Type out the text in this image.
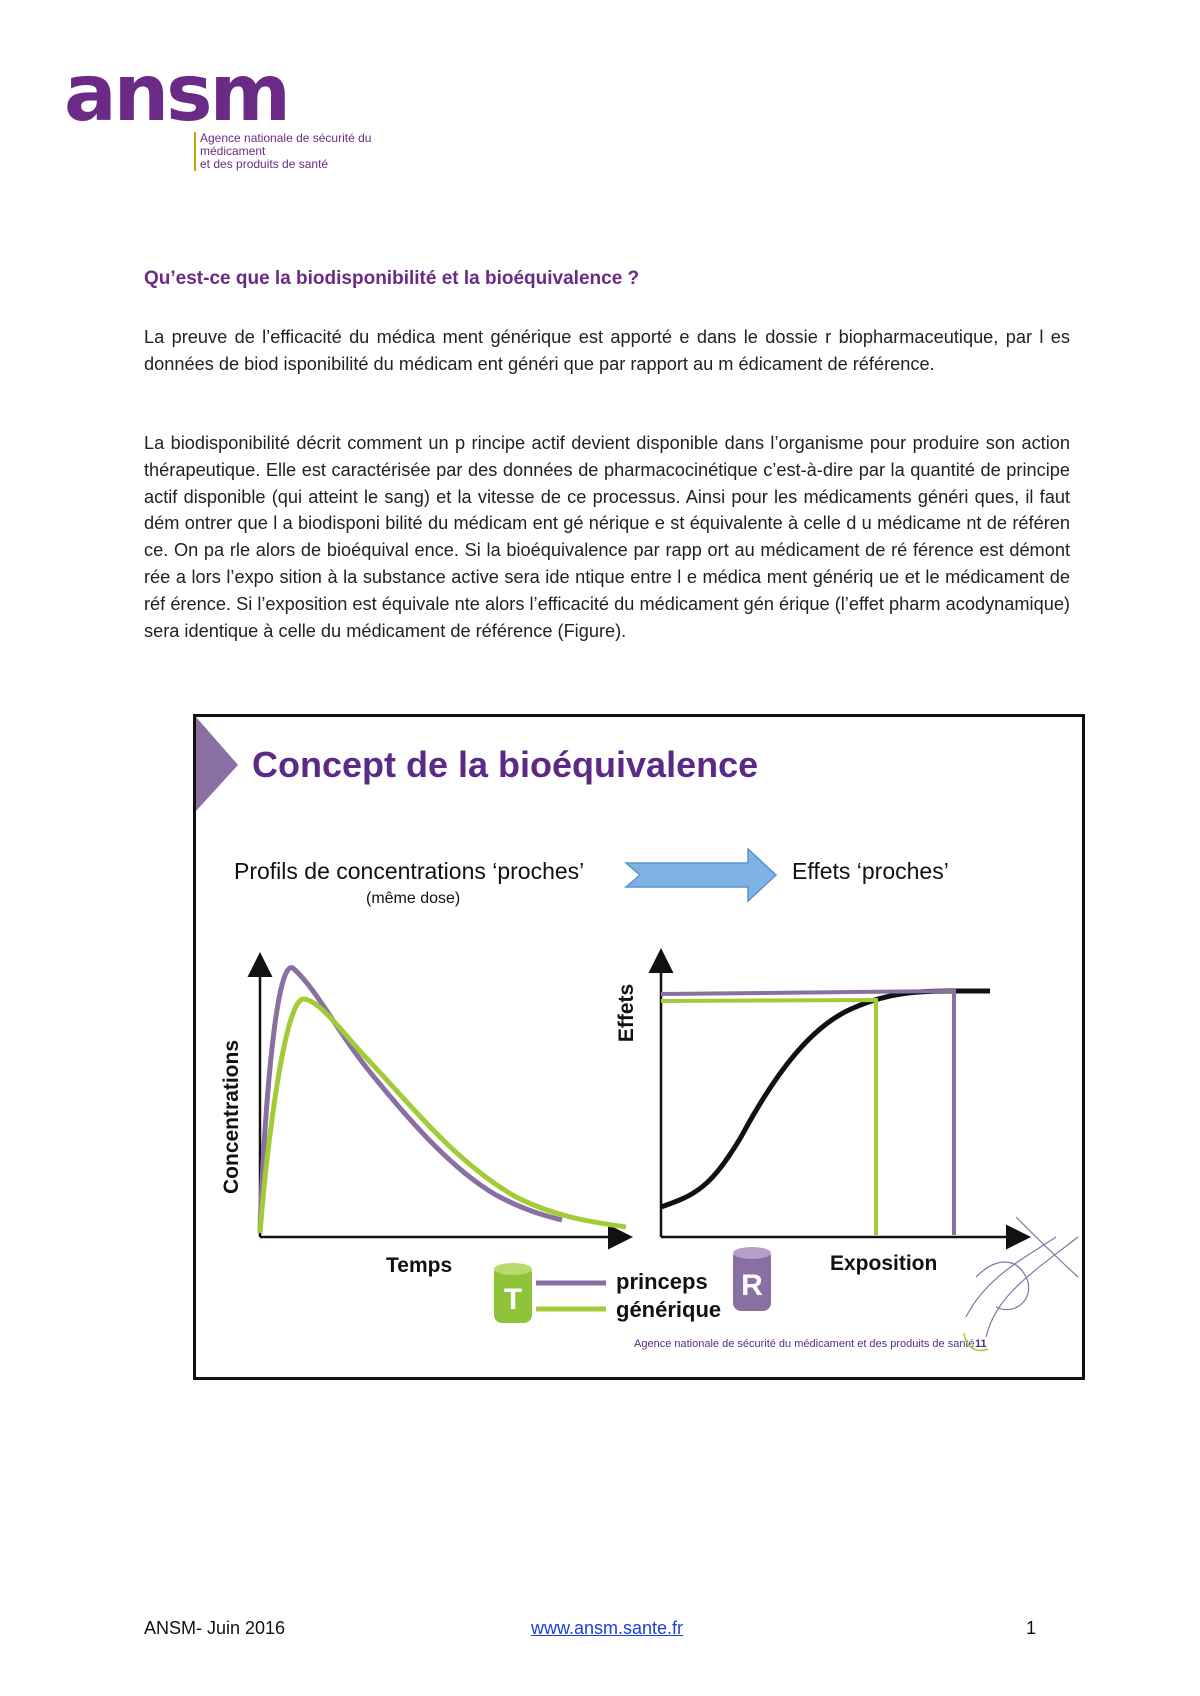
ansm
Agence nationale de sécurité du médicament
et des produits de santé
Qu’est-ce que la biodisponibilité et la bioéquivalence ?

La preuve de l’efficacité du médica ment générique est apporté e dans le dossie r biopharmaceutique, par l es données de biod isponibilité du médicam ent généri que par rapport au m édicament de référence.

La biodisponibilité décrit comment un p rincipe actif devient disponible dans l’organisme pour produire son action thérapeutique. Elle est caractérisée par des données de pharmacocinétique c’est-à-dire par la quantité de principe actif disponible (qui atteint le sang) et la vitesse de ce processus. Ainsi pour les médicaments généri ques, il faut dém ontrer que l a biodisponi bilité du médicam ent gé nérique e st équivalente à celle d u médicame nt de référen ce. On pa rle alors de bioéquival ence. Si la bioéquivalence par rapp ort au médicament de ré férence est démont rée a lors l’expo sition à la substance active sera ide ntique entre l e médica ment génériq ue et le médicament de réf érence. Si l’exposition est équivale nte alors l’efficacité du médicament gén érique (l’effet pharm acodynamique) sera identique à celle du médicament de référence (Figure).

Concept de la bioéquivalence
Profils de concentrations ‘proches’
(même dose)
Effets ‘proches’
Concentrations
Temps
Effets
Exposition
T
princeps
générique
R
Agence nationale de sécurité du médicament et des produits de santé 11
ANSM- Juin 2016	www.ansm.sante.fr	1
